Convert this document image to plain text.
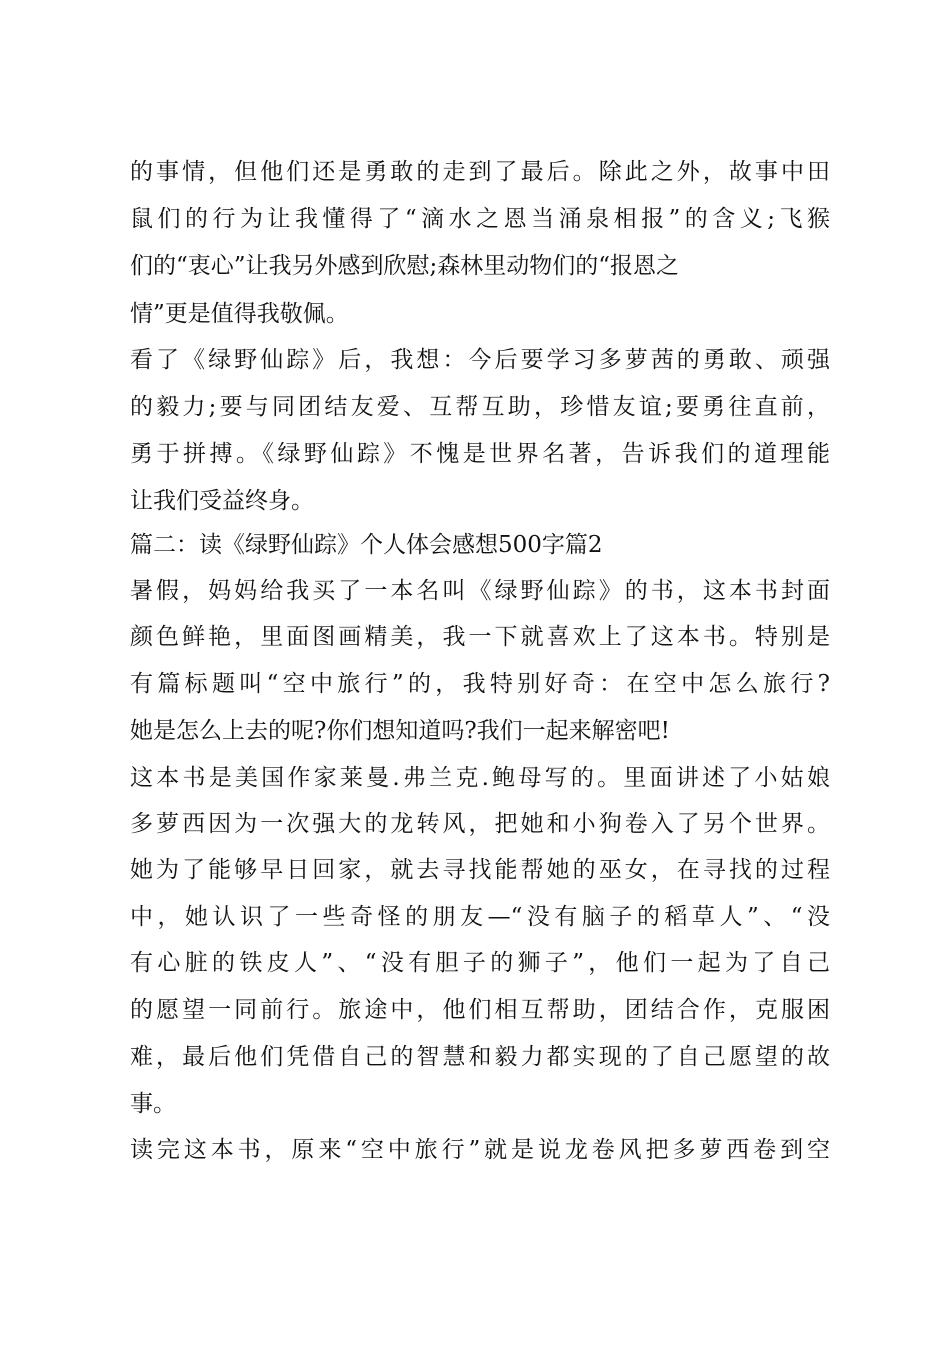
的事情，但他们还是勇敢的走到了最后。除此之外，故事中田
鼠们的行为让我懂得了“滴水之恩当涌泉相报”的含义;飞猴
们的“衷心”让我另外感到欣慰;森林里动物们的“报恩之
情”更是值得我敬佩。
看了《绿野仙踪》后，我想：今后要学习多萝茜的勇敢、顽强
的毅力;要与同团结友爱、互帮互助，珍惜友谊;要勇往直前，
勇于拼搏。《绿野仙踪》不愧是世界名著，告诉我们的道理能
让我们受益终身。
篇二：读《绿野仙踪》个人体会感想500字篇2
暑假，妈妈给我买了一本名叫《绿野仙踪》的书，这本书封面
颜色鲜艳，里面图画精美，我一下就喜欢上了这本书。特别是
有篇标题叫“空中旅行”的，我特别好奇：在空中怎么旅行?
她是怎么上去的呢?你们想知道吗?我们一起来解密吧!
这本书是美国作家莱曼.弗兰克.鲍母写的。里面讲述了小姑娘
多萝西因为一次强大的龙转风，把她和小狗卷入了另个世界。
她为了能够早日回家，就去寻找能帮她的巫女，在寻找的过程
中，她认识了一些奇怪的朋友—“没有脑子的稻草人”、“没
有心脏的铁皮人”、“没有胆子的狮子”，他们一起为了自己
的愿望一同前行。旅途中，他们相互帮助，团结合作，克服困
难，最后他们凭借自己的智慧和毅力都实现的了自己愿望的故
事。
读完这本书，原来“空中旅行”就是说龙卷风把多萝西卷到空
